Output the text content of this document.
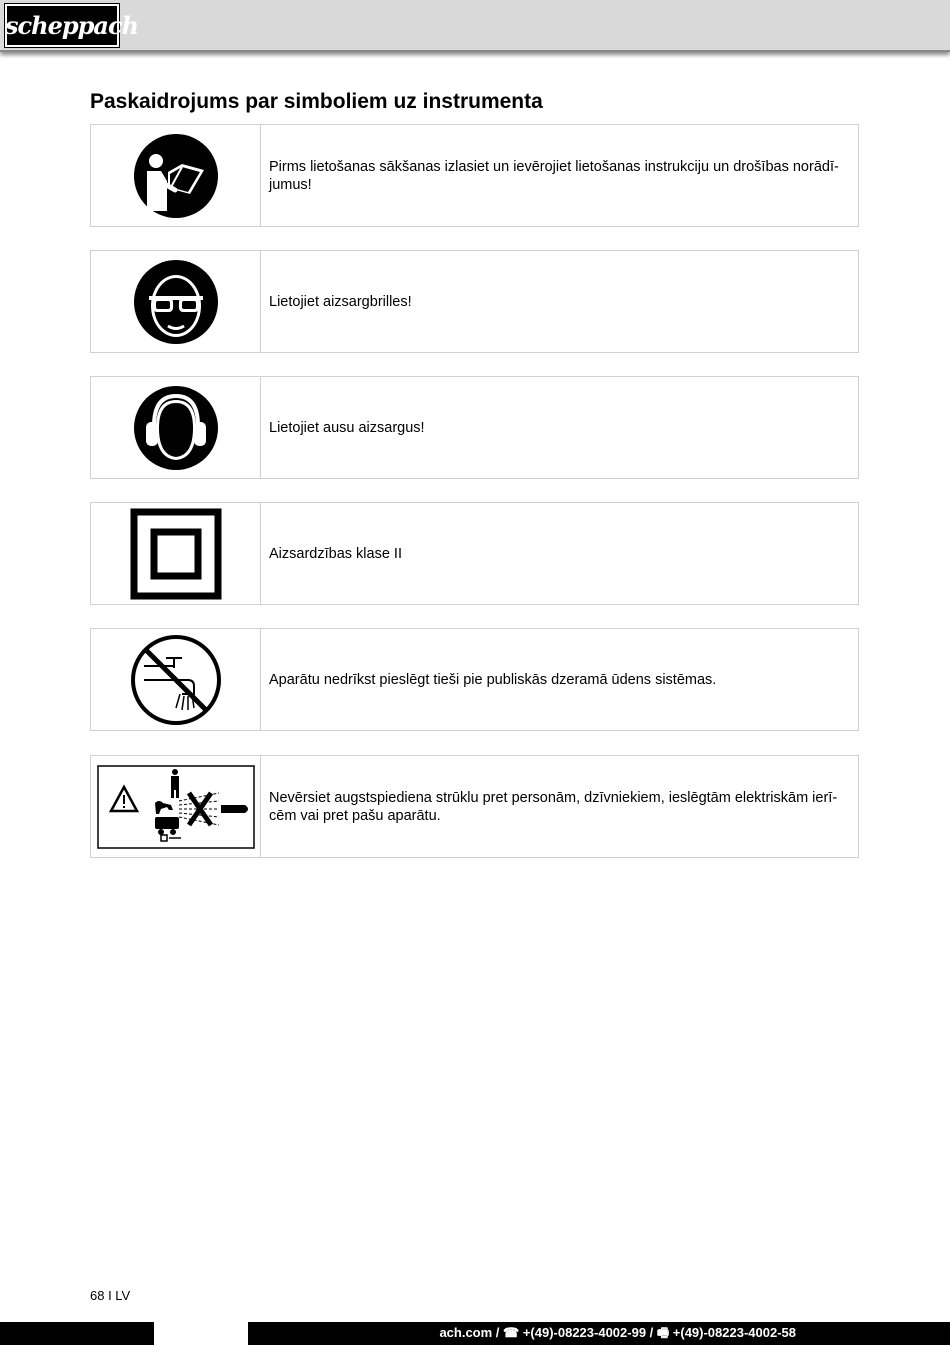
scheppach
Paskaidrojums par simboliem uz instrumenta
Pirms lietošanas sākšanas izlasiet un ievērojiet lietošanas instrukciju un drošības norādī-jumus!
Lietojiet aizsargbrilles!
Lietojiet ausu aizsargus!
Aizsardzības klase II
Aparātu nedrīkst pieslēgt tieši pie publiskās dzeramā ūdens sistēmas.
Nevērsiet augstspiediena strūklu pret personām, dzīvniekiem, ieslēgtām elektriskām ierī-cēm vai pret pašu aparātu.
68 I LV
ach.com / ☎ +(49)-08223-4002-99 / 🖷 +(49)-08223-4002-58
